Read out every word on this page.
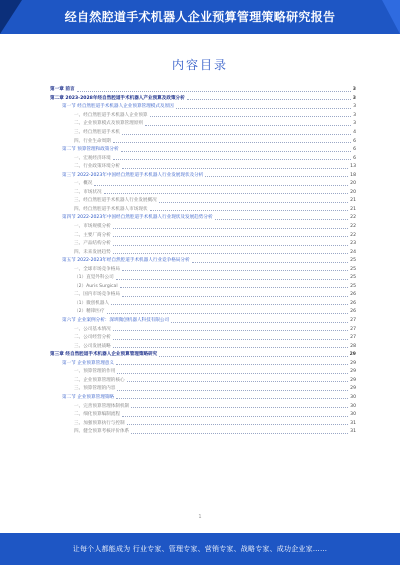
经自然腔道手术机器人企业预算管理策略研究报告
内容目录
第一章 前言	3
第二章 2023-2028年经自然腔道手术机器人产业预算及政策分析	3
第一节 经自然腔道手术机器人企业预算管理模式及原因	3
一、经自然腔道手术机器人企业预算	3
二、企业预算模式及预算管理原则	3
三、经自然腔道手术机	4
四、行业生命周期	6
第二节 预算管理和政策分析	6
一、宏观经济环境	6
二、行业政策环境分析	13
第三节 2022-2023年中国经自然腔道手术机器人行业发展现状及分析	18
一、概况	20
二、市场状况	20
三、经自然腔道手术机器人行业发展概况	21
四、经自然腔道手术机器人市场现状	21
第四节 2022-2023年中国经自然腔道手术机器人行业现状及发展趋势分析	22
一、市场规模分析	22
二、主要厂商分析	22
三、产品结构分析	23
四、未来发展趋势	24
第五节 2022-2023年经自然腔道手术机器人行业竞争格局分析	25
一、全球市场竞争格局	25
（1）直觉外科公司	25
（2）Auris Surgical	25
二、国内市场竞争格局	26
（1）微创机器人	26
（2）精锋医疗	26
第六节 企业案例分析：深圳微创机器人科技有限公司	27
一、公司基本情况	27
二、公司经营分析	27
三、公司发展战略	28
第三章 经自然腔道手术机器人企业预算管理策略研究	29
第一节 企业预算管理意义	29
一、预算管理的作用	29
二、企业预算管理的核心	29
三、预算管理的内容	29
第二节 企业预算管理策略	30
一、完善预算管理体制机制	30
二、细化预算编制流程	30
三、加强预算执行与控制	31
四、健全预算考核评价体系	31
1
让每个人都能成为 行业专家、管理专家、营销专家、战略专家、成功企业家……
